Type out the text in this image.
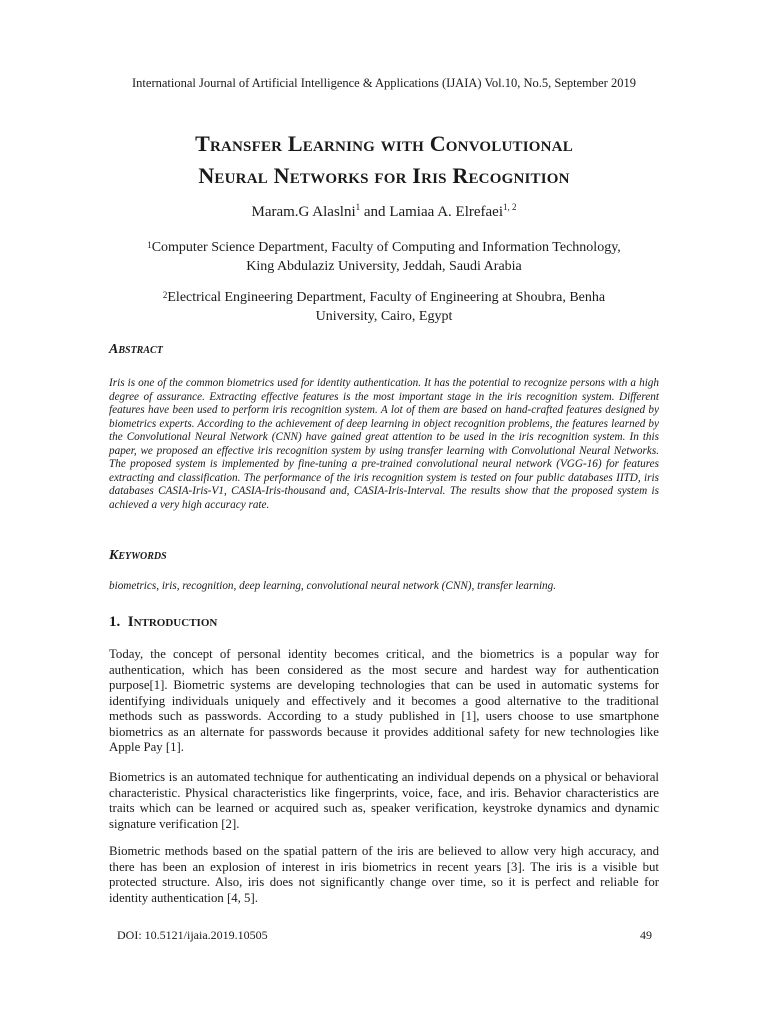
International Journal of Artificial Intelligence & Applications (IJAIA) Vol.10, No.5, September 2019
Transfer Learning with Convolutional
Neural Networks for Iris Recognition
Maram.G Alaslni$^1$ and Lamiaa A. Elrefaei$^{1, 2}$
$^1$Computer Science Department, Faculty of Computing and Information Technology,
King Abdulaziz University, Jeddah, Saudi Arabia
$^2$Electrical Engineering Department, Faculty of Engineering at Shoubra, Benha
University, Cairo, Egypt
Abstract
Iris is one of the common biometrics used for identity authentication. It has the potential to recognize persons with a high degree of assurance. Extracting effective features is the most important stage in the iris recognition system. Different features have been used to perform iris recognition system. A lot of them are based on hand-crafted features designed by biometrics experts. According to the achievement of deep learning in object recognition problems, the features learned by the Convolutional Neural Network (CNN) have gained great attention to be used in the iris recognition system. In this paper, we proposed an effective iris recognition system by using transfer learning with Convolutional Neural Networks. The proposed system is implemented by fine-tuning a pre-trained convolutional neural network (VGG-16) for features extracting and classification. The performance of the iris recognition system is tested on four public databases IITD, iris databases CASIA-Iris-V1, CASIA-Iris-thousand and, CASIA-Iris-Interval. The results show that the proposed system is achieved a very high accuracy rate.
Keywords
biometrics, iris, recognition, deep learning, convolutional neural network (CNN), transfer learning.
1.  Introduction
Today, the concept of personal identity becomes critical, and the biometrics is a popular way for authentication, which has been considered as the most secure and hardest way for authentication purpose[1]. Biometric systems are developing technologies that can be used in automatic systems for identifying individuals uniquely and effectively and it becomes a good alternative to the traditional methods such as passwords. According to a study published in [1], users choose to use smartphone biometrics as an alternate for passwords because it provides additional safety for new technologies like Apple Pay [1].
Biometrics is an automated technique for authenticating an individual depends on a physical or behavioral characteristic. Physical characteristics like fingerprints, voice, face, and iris. Behavior characteristics are traits which can be learned or acquired such as, speaker verification, keystroke dynamics and dynamic signature verification [2].
Biometric methods based on the spatial pattern of the iris are believed to allow very high accuracy, and there has been an explosion of interest in iris biometrics in recent years [3]. The iris is a visible but protected structure. Also, iris does not significantly change over time, so it is perfect and reliable for identity authentication [4, 5].
DOI: 10.5121/ijaia.2019.10505	49
